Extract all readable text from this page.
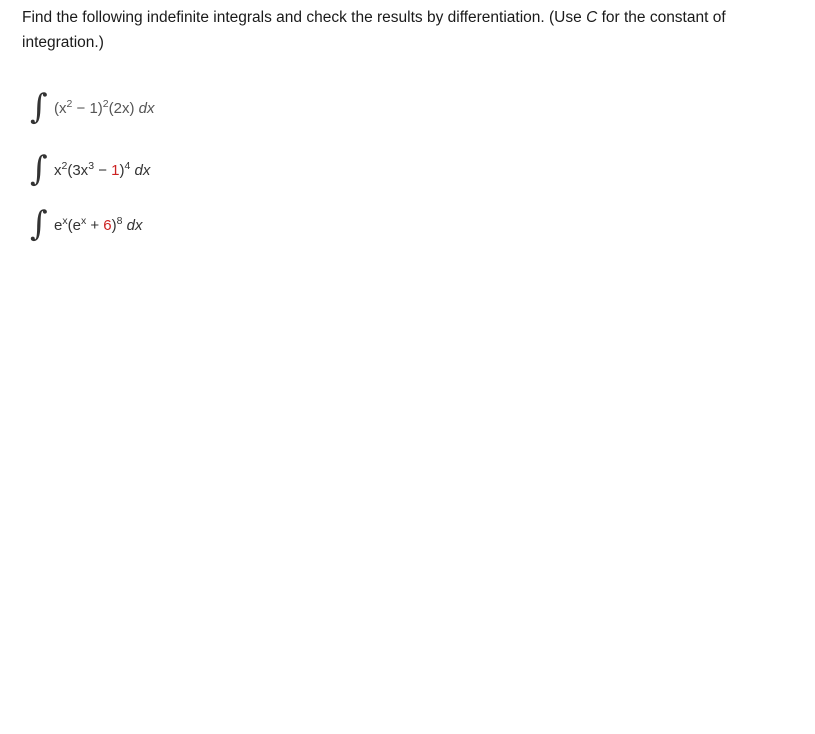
Find the following indefinite integrals and check the results by differentiation. (Use C for the constant of integration.)
∫ $(x^2 - 1)^2(2x)$ dx
∫ $x^2(3x^3 - 1)^4$ dx
∫ $e^x(e^x + 6)^8$ dx
